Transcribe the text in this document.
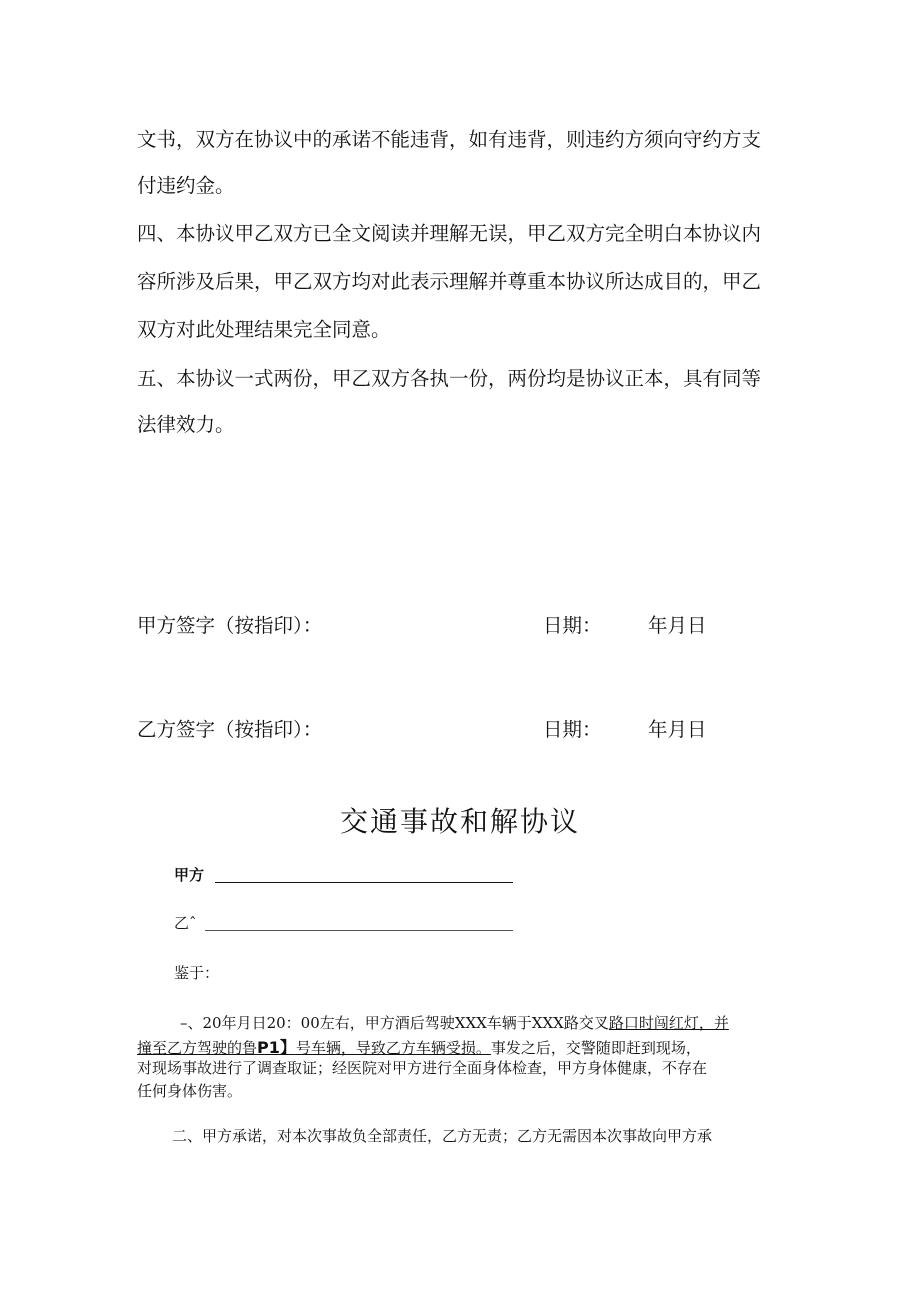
文书，双方在协议中的承诺不能违背，如有违背，则违约方须向守约方支

付违约金。

四、本协议甲乙双方已全文阅读并理解无误，甲乙双方完全明白本协议内

容所涉及后果，甲乙双方均对此表示理解并尊重本协议所达成目的，甲乙

双方对此处理结果完全同意。

五、本协议一式两份，甲乙双方各执一份，两份均是协议正本，具有同等

法律效力。

甲方签字（按指印）：	日期： 年月日
乙方签字（按指印）：	日期： 年月日
交通事故和解协议
甲方
乙ˆ
鉴于：
–、20年月日20：00左右，甲方酒后驾驶XXX车辆于XXX路交叉路口时闯红灯，并
撞至乙方驾驶的鲁P1】号车辆，导致乙方车辆受损。事发之后，交警随即赶到现场，
对现场事故进行了调查取证；经医院对甲方进行全面身体检查，甲方身体健康，不存在
任何身体伤害。
二、甲方承诺，对本次事故负全部责任，乙方无责；乙方无需因本次事故向甲方承
